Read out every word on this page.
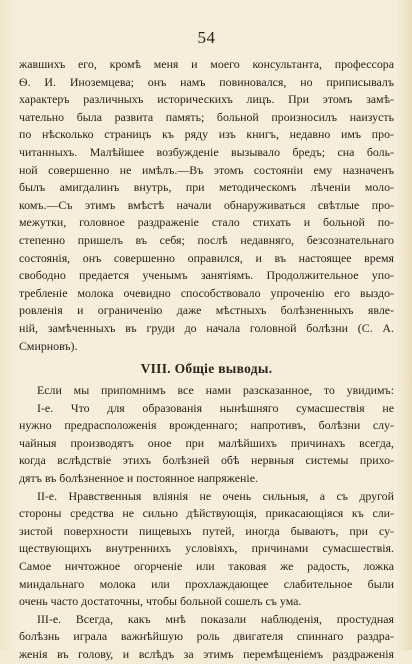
54
жавшихъ его, кромѣ меня и моего консультанта, профессора
Ѳ. И. Иноземцева; онъ намъ повиновался, но приписывалъ
характеръ различныхъ историческихъ лицъ. При этомъ замѣ-
чательно была развита память; больной произносилъ наизусть
по нѣсколько страницъ къ ряду изъ книгъ, недавно имъ про-
читанныхъ. Малѣйшее возбужденіе вызывало бредъ; сна боль-
ной совершенно не имѣлъ.—Въ этомъ состояніи ему назначенъ
былъ амигдалинъ внутрь, при методическомъ лѣченіи моло-
комъ.—Съ этимъ вмѣстѣ начали обнаруживаться свѣтлые про-
межутки, головное раздраженіе стало стихать и больной по-
степенно пришелъ въ себя; послѣ недавняго, безсознательнаго
состоянія, онъ совершенно оправился, и въ настоящее время
свободно предается ученымъ занятіямъ. Продолжительное упо-
требленіе молока очевидно способствовало упроченію его выздо-
ровленія и ограниченію даже мѣстныхъ болѣзненныхъ явле-
ній, замѣченныхъ въ груди до начала головной болѣзни (С. А.
Смирновъ).
VIII. Общіе выводы.
Если мы припомнимъ все нами разсказанное, то увидимъ:
I-е. Что для образованія нынѣшняго сумасшествія не
нужно предрасположенія врожденнаго; напротивъ, болѣзни слу-
чайныя производятъ оное при малѣйшихъ причинахъ всегда,
когда вслѣдствіе этихъ болѣзней обѣ нервныя системы прихо-
дятъ въ болѣзненное и постоянное напряженіе.
II-е. Нравственныя вліянія не очень сильныя, а съ другой
стороны средства не сильно дѣйствующія, прикасающіяся къ сли-
зистой поверхности пищевыхъ путей, иногда бываютъ, при су-
ществующихъ внутреннихъ условіяхъ, причинами сумасшествія.
Самое ничтожное огорченіе или таковая же радость, ложка
миндальнаго молока или прохлаждающее слабительное были
очень часто достаточны, чтобы больной сошелъ съ ума.
III-е. Всегда, какъ мнѣ показали наблюденія, простудная
болѣзнь играла важнѣйшую роль двигателя спиннаго раздра-
женія въ голову, и вслѣдъ за этимъ перемѣщеніемъ раздраженія
